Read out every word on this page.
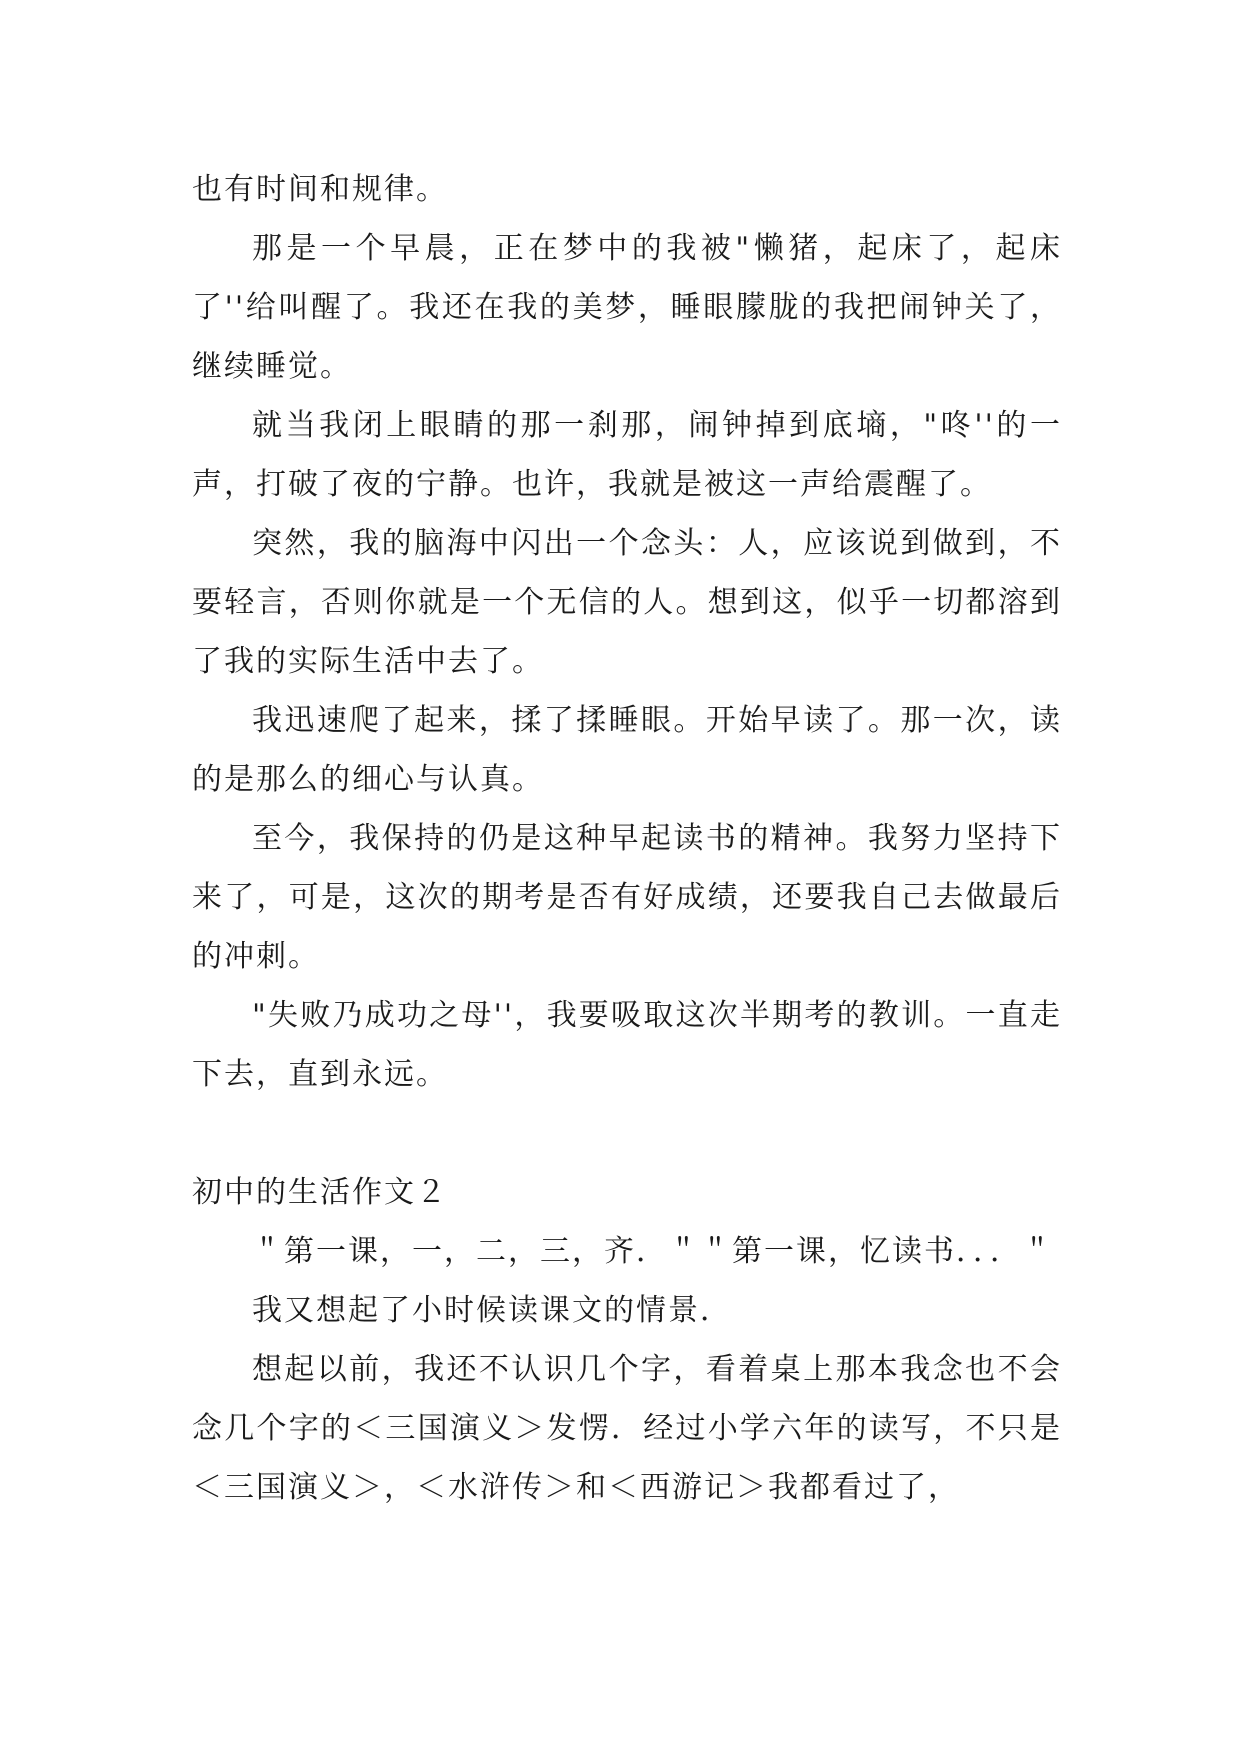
也有时间和规律。

那是一个早晨，正在梦中的我被"懒猪，起床了，起床了''给叫醒了。我还在我的美梦，睡眼朦胧的我把闹钟关了，继续睡觉。

就当我闭上眼睛的那一刹那，闹钟掉到底墒，"咚''的一声，打破了夜的宁静。也许，我就是被这一声给震醒了。

突然，我的脑海中闪出一个念头：人，应该说到做到，不要轻言，否则你就是一个无信的人。想到这，似乎一切都溶到了我的实际生活中去了。

我迅速爬了起来，揉了揉睡眼。开始早读了。那一次，读的是那么的细心与认真。

至今，我保持的仍是这种早起读书的精神。我努力坚持下来了，可是，这次的期考是否有好成绩，还要我自己去做最后的冲刺。

"失败乃成功之母''，我要吸取这次半期考的教训。一直走下去，直到永远。

初中的生活作文２

＂第一课，一，二，三，齐．＂＂第一课，忆读书．．．＂

我又想起了小时候读课文的情景．

想起以前，我还不认识几个字，看着桌上那本我念也不会念几个字的＜三国演义＞发愣．经过小学六年的读写，不只是＜三国演义＞，＜水浒传＞和＜西游记＞我都看过了，
